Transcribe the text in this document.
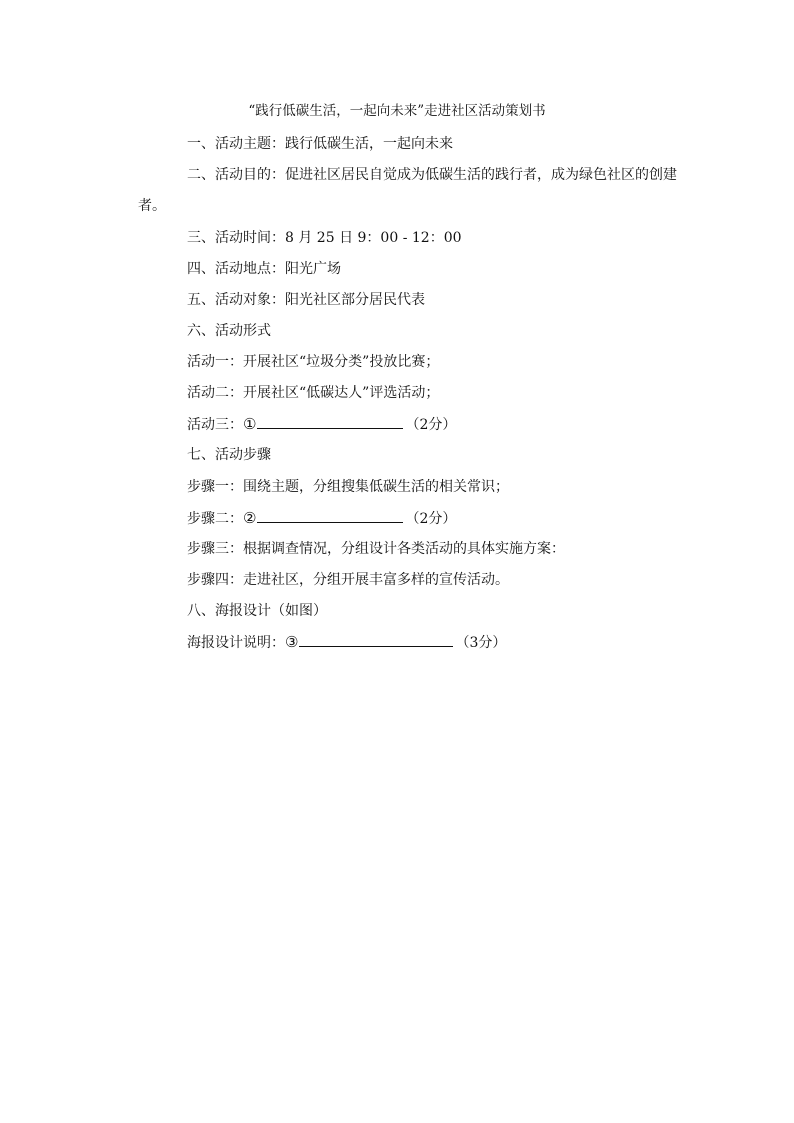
“践行低碳生活，一起向未来”走进社区活动策划书
一、活动主题：践行低碳生活，一起向未来
二、活动目的：促进社区居民自觉成为低碳生活的践行者，成为绿色社区的创建
者。
三、活动时间：8 月 25 日 9：00 - 12：00
四、活动地点：阳光广场
五、活动对象：阳光社区部分居民代表
六、活动形式
活动一：开展社区“垃圾分类”投放比赛；
活动二：开展社区“低碳达人”评选活动；
活动三：①	（2分）
七、活动步骤
步骤一：围绕主题，分组搜集低碳生活的相关常识；
步骤二：②	（2分）
步骤三：根据调查情况，分组设计各类活动的具体实施方案：
步骤四：走进社区，分组开展丰富多样的宣传活动。
八、海报设计（如图）
海报设计说明：③	（3分）
